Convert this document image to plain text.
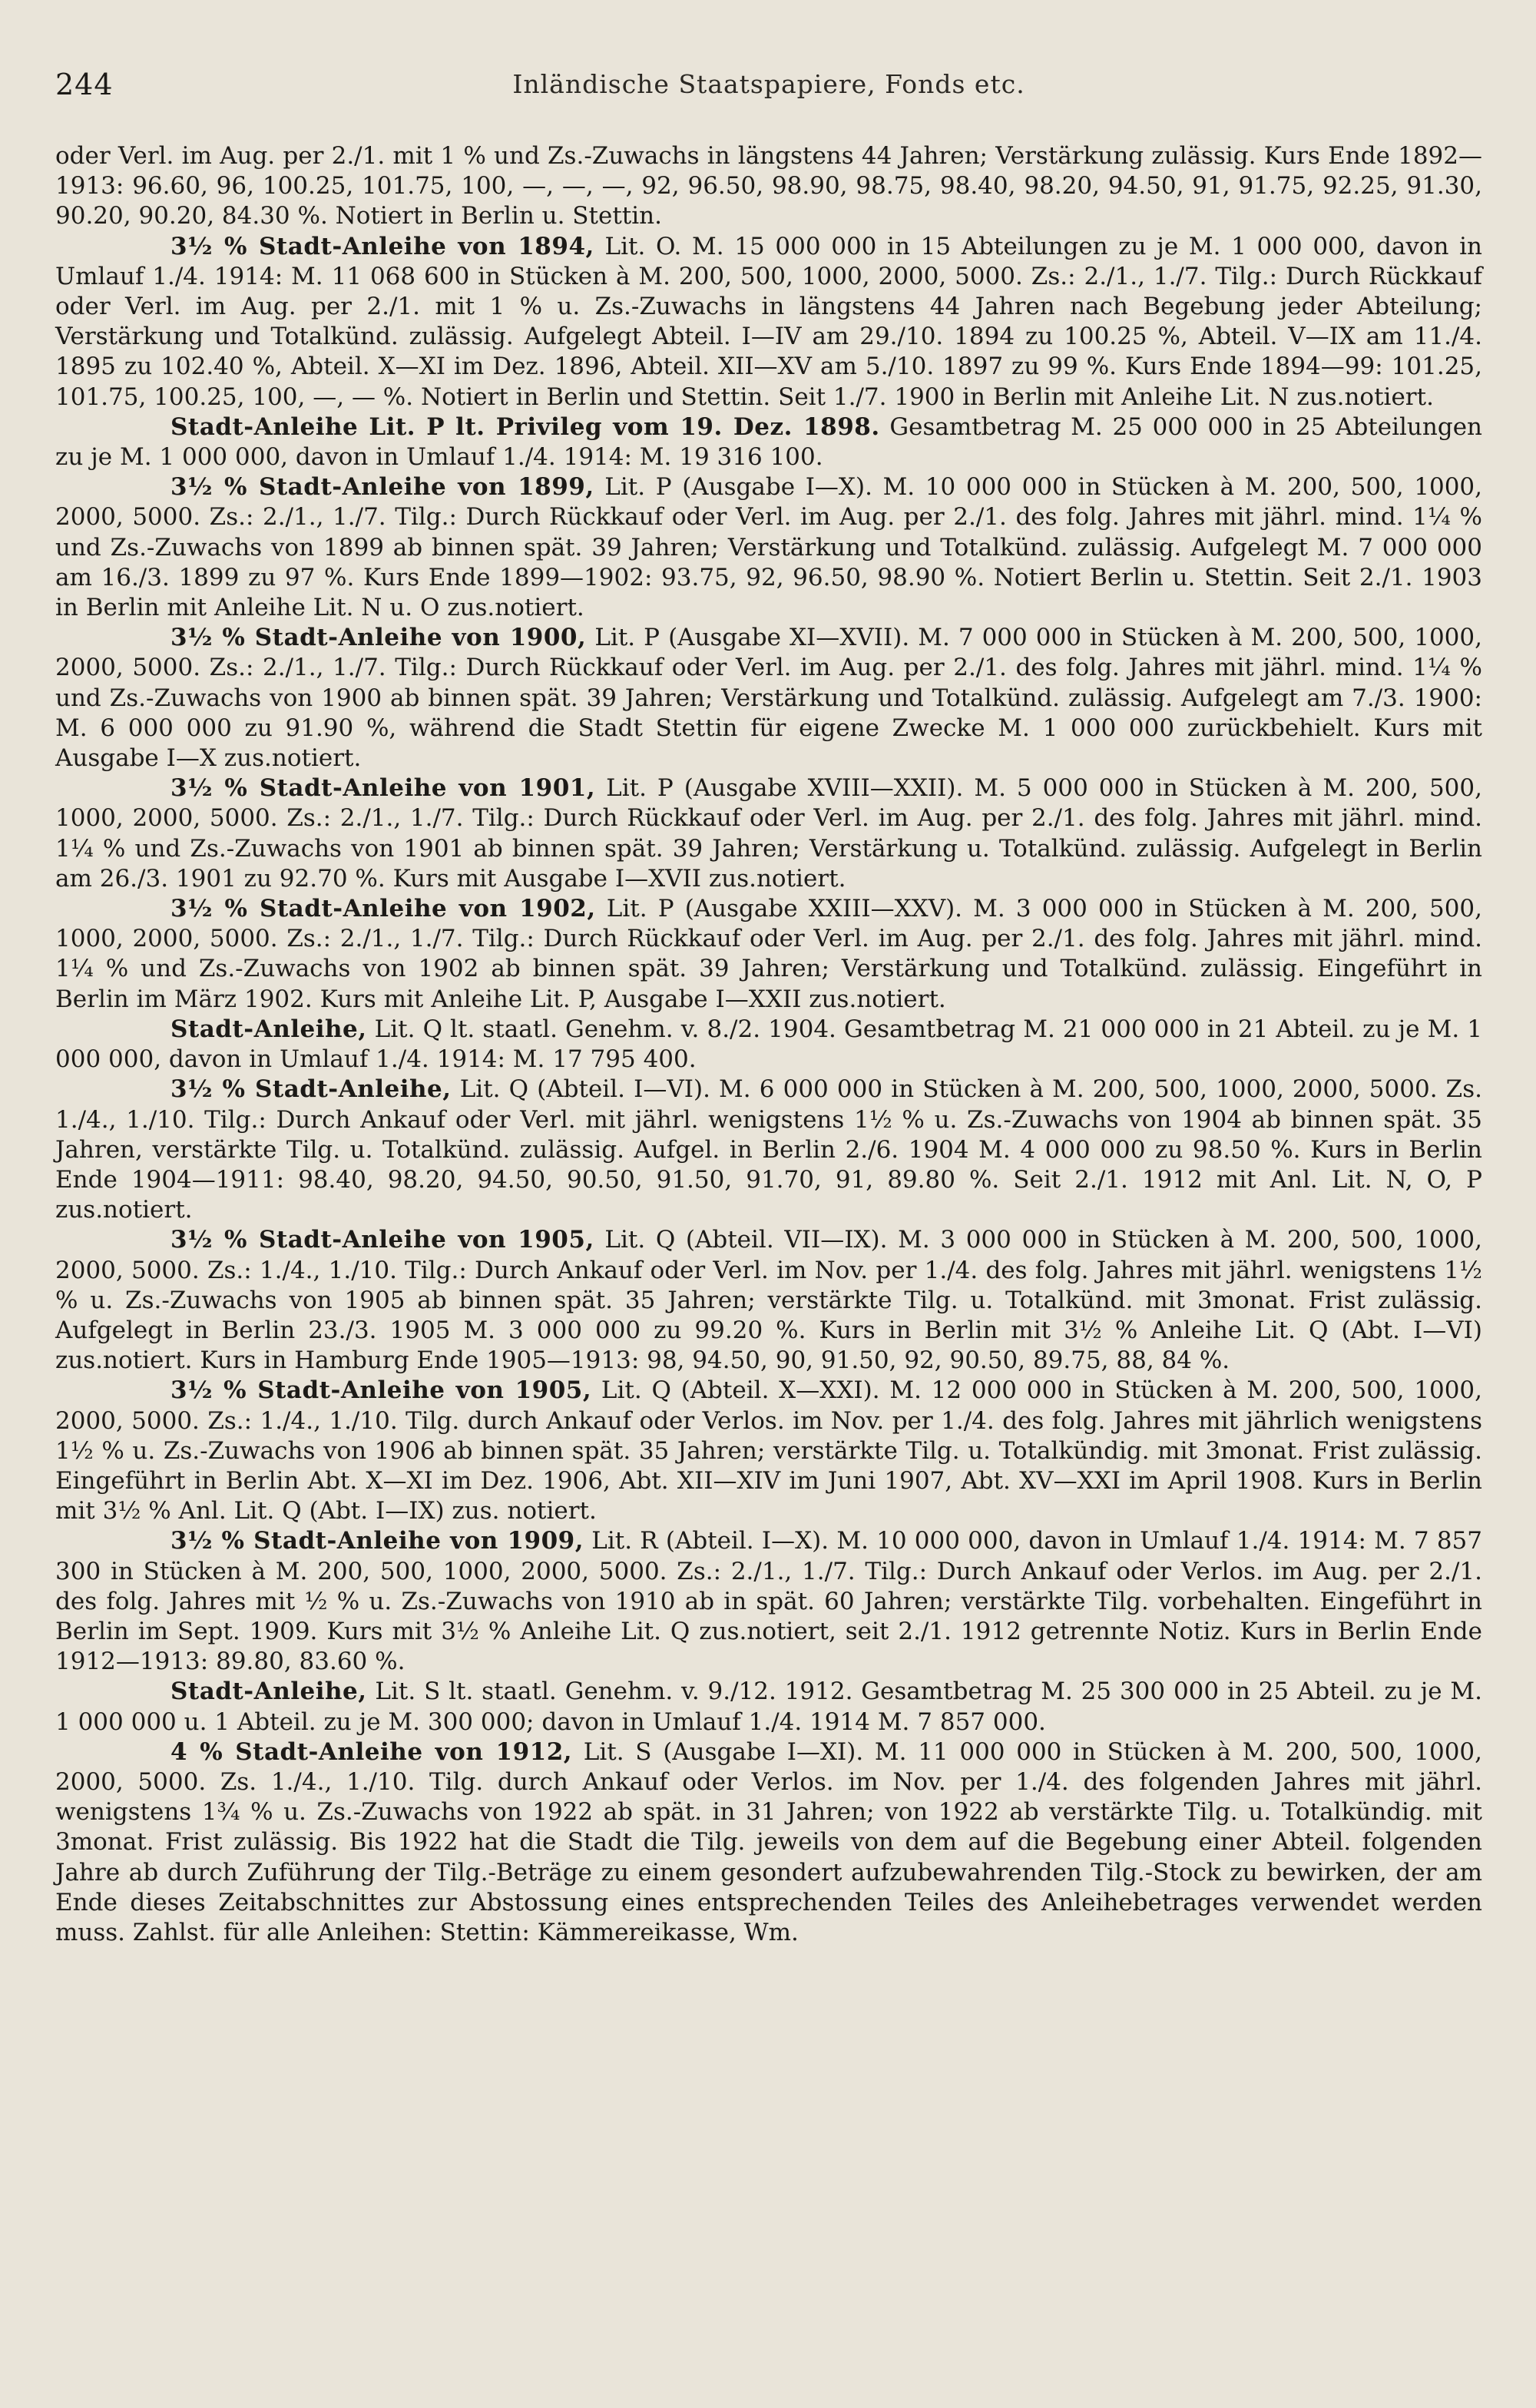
244	Inländische Staatspapiere, Fonds etc.

oder Verl. im Aug. per 2./1. mit 1 % und Zs.-Zuwachs in längstens 44 Jahren; Verstärkung zulässig. Kurs Ende 1892—1913: 96.60, 96, 100.25, 101.75, 100, —, —, —, 92, 96.50, 98.90, 98.75, 98.40, 98.20, 94.50, 91, 91.75, 92.25, 91.30, 90.20, 90.20, 84.30 %. Notiert in Berlin u. Stettin.

3½ % Stadt-Anleihe von 1894, Lit. O. M. 15 000 000 in 15 Abteilungen zu je M. 1 000 000, davon in Umlauf 1./4. 1914: M. 11 068 600 in Stücken à M. 200, 500, 1000, 2000, 5000. Zs.: 2./1., 1./7. Tilg.: Durch Rückkauf oder Verl. im Aug. per 2./1. mit 1 % u. Zs.-Zuwachs in längstens 44 Jahren nach Begebung jeder Abteilung; Verstärkung und Totalkünd. zulässig. Aufgelegt Abteil. I—IV am 29./10. 1894 zu 100.25 %, Abteil. V—IX am 11./4. 1895 zu 102.40 %, Abteil. X—XI im Dez. 1896, Abteil. XII—XV am 5./10. 1897 zu 99 %. Kurs Ende 1894—99: 101.25, 101.75, 100.25, 100, —, — %. Notiert in Berlin und Stettin. Seit 1./7. 1900 in Berlin mit Anleihe Lit. N zus.notiert.

Stadt-Anleihe Lit. P lt. Privileg vom 19. Dez. 1898. Gesamtbetrag M. 25 000 000 in 25 Abteilungen zu je M. 1 000 000, davon in Umlauf 1./4. 1914: M. 19 316 100.

3½ % Stadt-Anleihe von 1899, Lit. P (Ausgabe I—X). M. 10 000 000 in Stücken à M. 200, 500, 1000, 2000, 5000. Zs.: 2./1., 1./7. Tilg.: Durch Rückkauf oder Verl. im Aug. per 2./1. des folg. Jahres mit jährl. mind. 1¼ % und Zs.-Zuwachs von 1899 ab binnen spät. 39 Jahren; Verstärkung und Totalkünd. zulässig. Aufgelegt M. 7 000 000 am 16./3. 1899 zu 97 %. Kurs Ende 1899—1902: 93.75, 92, 96.50, 98.90 %. Notiert Berlin u. Stettin. Seit 2./1. 1903 in Berlin mit Anleihe Lit. N u. O zus.notiert.

3½ % Stadt-Anleihe von 1900, Lit. P (Ausgabe XI—XVII). M. 7 000 000 in Stücken à M. 200, 500, 1000, 2000, 5000. Zs.: 2./1., 1./7. Tilg.: Durch Rückkauf oder Verl. im Aug. per 2./1. des folg. Jahres mit jährl. mind. 1¼ % und Zs.-Zuwachs von 1900 ab binnen spät. 39 Jahren; Verstärkung und Totalkünd. zulässig. Aufgelegt am 7./3. 1900: M. 6 000 000 zu 91.90 %, während die Stadt Stettin für eigene Zwecke M. 1 000 000 zurückbehielt. Kurs mit Ausgabe I—X zus.notiert.

3½ % Stadt-Anleihe von 1901, Lit. P (Ausgabe XVIII—XXII). M. 5 000 000 in Stücken à M. 200, 500, 1000, 2000, 5000. Zs.: 2./1., 1./7. Tilg.: Durch Rückkauf oder Verl. im Aug. per 2./1. des folg. Jahres mit jährl. mind. 1¼ % und Zs.-Zuwachs von 1901 ab binnen spät. 39 Jahren; Verstärkung u. Totalkünd. zulässig. Aufgelegt in Berlin am 26./3. 1901 zu 92.70 %. Kurs mit Ausgabe I—XVII zus.notiert.

3½ % Stadt-Anleihe von 1902, Lit. P (Ausgabe XXIII—XXV). M. 3 000 000 in Stücken à M. 200, 500, 1000, 2000, 5000. Zs.: 2./1., 1./7. Tilg.: Durch Rückkauf oder Verl. im Aug. per 2./1. des folg. Jahres mit jährl. mind. 1¼ % und Zs.-Zuwachs von 1902 ab binnen spät. 39 Jahren; Verstärkung und Totalkünd. zulässig. Eingeführt in Berlin im März 1902. Kurs mit Anleihe Lit. P, Ausgabe I—XXII zus.notiert.

Stadt-Anleihe, Lit. Q lt. staatl. Genehm. v. 8./2. 1904. Gesamtbetrag M. 21 000 000 in 21 Abteil. zu je M. 1 000 000, davon in Umlauf 1./4. 1914: M. 17 795 400.

3½ % Stadt-Anleihe, Lit. Q (Abteil. I—VI). M. 6 000 000 in Stücken à M. 200, 500, 1000, 2000, 5000. Zs. 1./4., 1./10. Tilg.: Durch Ankauf oder Verl. mit jährl. wenigstens 1½ % u. Zs.-Zuwachs von 1904 ab binnen spät. 35 Jahren, verstärkte Tilg. u. Totalkünd. zulässig. Aufgel. in Berlin 2./6. 1904 M. 4 000 000 zu 98.50 %. Kurs in Berlin Ende 1904—1911: 98.40, 98.20, 94.50, 90.50, 91.50, 91.70, 91, 89.80 %. Seit 2./1. 1912 mit Anl. Lit. N, O, P zus.notiert.

3½ % Stadt-Anleihe von 1905, Lit. Q (Abteil. VII—IX). M. 3 000 000 in Stücken à M. 200, 500, 1000, 2000, 5000. Zs.: 1./4., 1./10. Tilg.: Durch Ankauf oder Verl. im Nov. per 1./4. des folg. Jahres mit jährl. wenigstens 1½ % u. Zs.-Zuwachs von 1905 ab binnen spät. 35 Jahren; verstärkte Tilg. u. Totalkünd. mit 3monat. Frist zulässig. Aufgelegt in Berlin 23./3. 1905 M. 3 000 000 zu 99.20 %. Kurs in Berlin mit 3½ % Anleihe Lit. Q (Abt. I—VI) zus.notiert. Kurs in Hamburg Ende 1905—1913: 98, 94.50, 90, 91.50, 92, 90.50, 89.75, 88, 84 %.

3½ % Stadt-Anleihe von 1905, Lit. Q (Abteil. X—XXI). M. 12 000 000 in Stücken à M. 200, 500, 1000, 2000, 5000. Zs.: 1./4., 1./10. Tilg. durch Ankauf oder Verlos. im Nov. per 1./4. des folg. Jahres mit jährlich wenigstens 1½ % u. Zs.-Zuwachs von 1906 ab binnen spät. 35 Jahren; verstärkte Tilg. u. Totalkündig. mit 3monat. Frist zulässig. Eingeführt in Berlin Abt. X—XI im Dez. 1906, Abt. XII—XIV im Juni 1907, Abt. XV—XXI im April 1908. Kurs in Berlin mit 3½ % Anl. Lit. Q (Abt. I—IX) zus. notiert.

3½ % Stadt-Anleihe von 1909, Lit. R (Abteil. I—X). M. 10 000 000, davon in Umlauf 1./4. 1914: M. 7 857 300 in Stücken à M. 200, 500, 1000, 2000, 5000. Zs.: 2./1., 1./7. Tilg.: Durch Ankauf oder Verlos. im Aug. per 2./1. des folg. Jahres mit ½ % u. Zs.-Zuwachs von 1910 ab in spät. 60 Jahren; verstärkte Tilg. vorbehalten. Eingeführt in Berlin im Sept. 1909. Kurs mit 3½ % Anleihe Lit. Q zus.notiert, seit 2./1. 1912 getrennte Notiz. Kurs in Berlin Ende 1912—1913: 89.80, 83.60 %.

Stadt-Anleihe, Lit. S lt. staatl. Genehm. v. 9./12. 1912. Gesamtbetrag M. 25 300 000 in 25 Abteil. zu je M. 1 000 000 u. 1 Abteil. zu je M. 300 000; davon in Umlauf 1./4. 1914 M. 7 857 000.

4 % Stadt-Anleihe von 1912, Lit. S (Ausgabe I—XI). M. 11 000 000 in Stücken à M. 200, 500, 1000, 2000, 5000. Zs. 1./4., 1./10. Tilg. durch Ankauf oder Verlos. im Nov. per 1./4. des folgenden Jahres mit jährl. wenigstens 1¾ % u. Zs.-Zuwachs von 1922 ab spät. in 31 Jahren; von 1922 ab verstärkte Tilg. u. Totalkündig. mit 3monat. Frist zulässig. Bis 1922 hat die Stadt die Tilg. jeweils von dem auf die Begebung einer Abteil. folgenden Jahre ab durch Zuführung der Tilg.-Beträge zu einem gesondert aufzubewahrenden Tilg.-Stock zu bewirken, der am Ende dieses Zeitabschnittes zur Abstossung eines entsprechenden Teiles des Anleihebetrages verwendet werden muss. Zahlst. für alle Anleihen: Stettin: Kämmereikasse, Wm.
